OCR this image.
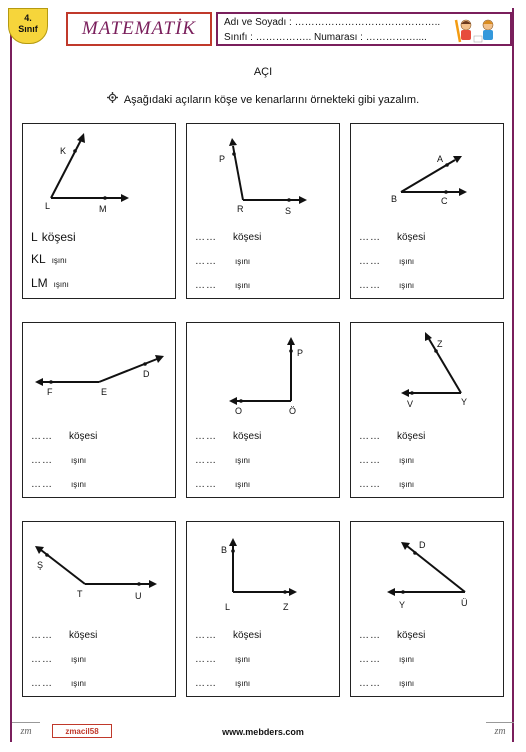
4.
Sınıf	MATEMATİK	Adı ve Soyadı : ……………………………………..
Sınıfı : …………….. Numarası : ……………....
AÇI
Aşağıdaki açıların köşe ve kenarlarını örnekteki gibi yazalım.
K
L	M
L köşesi
KL ışını
LM ışını
P
R	S
…… köşesi
…… ışını
…… ışını
A
B	C
…… köşesi
…… ışını
…… ışını
F	E
D
…… köşesi
…… ışını
…… ışını
O	Ö
P
…… köşesi
…… ışını
…… ışını
Z
V	Y
…… köşesi
…… ışını
…… ışını
Ş
T	U
…… köşesi
…… ışını
…… ışını
B
L	Z
…… köşesi
…… ışını
…… ışını
D
Y	Ü
…… köşesi
…… ışını
…… ışını
zm	zmacil58	www.mebders.com	zm
